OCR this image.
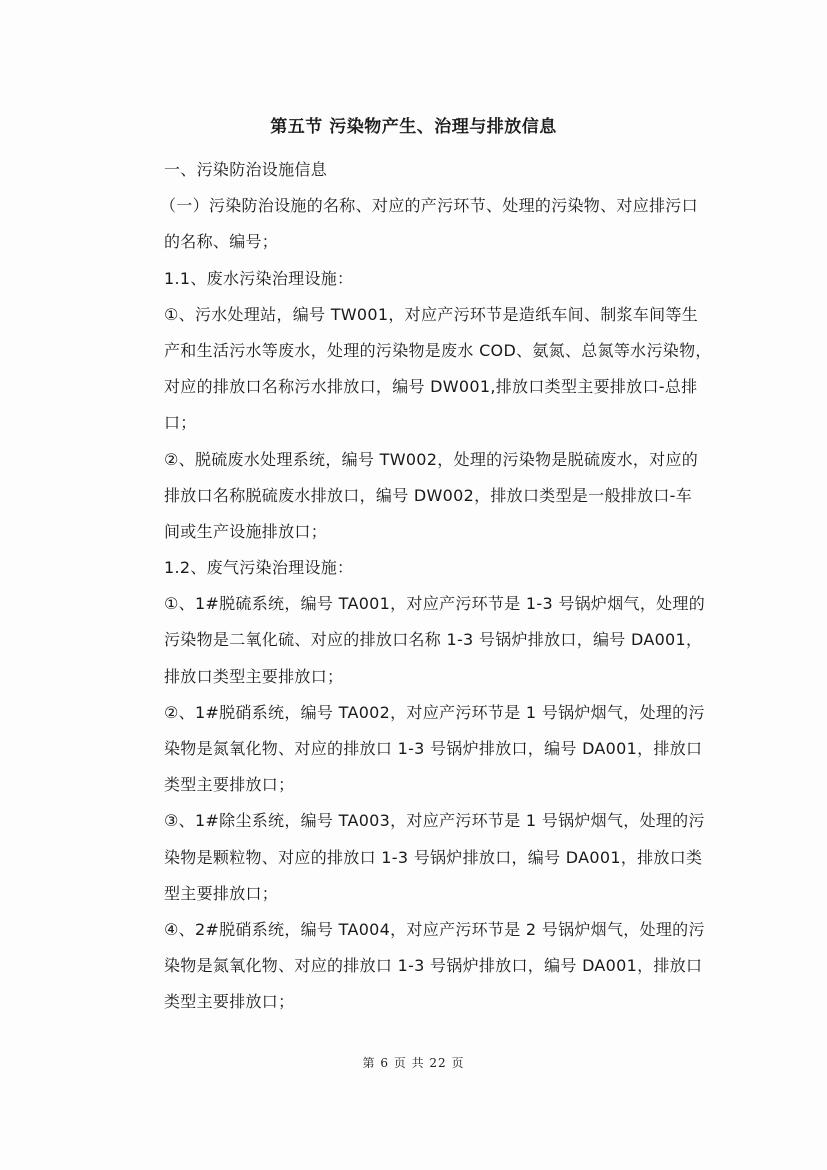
第五节 污染物产生、治理与排放信息
一、污染防治设施信息
（一）污染防治设施的名称、对应的产污环节、处理的污染物、对应排污口
的名称、编号；
1.1、废水污染治理设施：
①、污水处理站，编号 TW001，对应产污环节是造纸车间、制浆车间等生
产和生活污水等废水，处理的污染物是废水 COD、氨氮、总氮等水污染物，
对应的排放口名称污水排放口，编号 DW001,排放口类型主要排放口-总排
口；
②、脱硫废水处理系统，编号 TW002，处理的污染物是脱硫废水，对应的
排放口名称脱硫废水排放口，编号 DW002，排放口类型是一般排放口-车
间或生产设施排放口；
1.2、废气污染治理设施：
①、1#脱硫系统，编号 TA001，对应产污环节是 1-3 号锅炉烟气，处理的
污染物是二氧化硫、对应的排放口名称 1-3 号锅炉排放口，编号 DA001，
排放口类型主要排放口；
②、1#脱硝系统，编号 TA002，对应产污环节是 1 号锅炉烟气，处理的污
染物是氮氧化物、对应的排放口 1-3 号锅炉排放口，编号 DA001，排放口
类型主要排放口；
③、1#除尘系统，编号 TA003，对应产污环节是 1 号锅炉烟气，处理的污
染物是颗粒物、对应的排放口 1-3 号锅炉排放口，编号 DA001，排放口类
型主要排放口；
④、2#脱硝系统，编号 TA004，对应产污环节是 2 号锅炉烟气，处理的污
染物是氮氧化物、对应的排放口 1-3 号锅炉排放口，编号 DA001，排放口
类型主要排放口；
第 6 页 共 22 页
